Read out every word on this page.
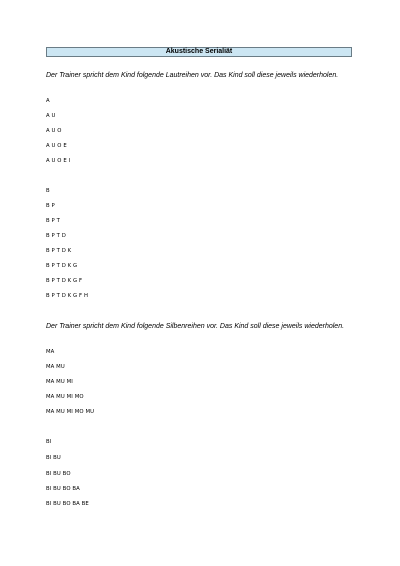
Akustische Serialiät
Der Trainer spricht dem Kind folgende Lautreihen vor. Das Kind soll diese jeweils wiederholen.
A
A U
A U O
A U O E
A U O E I
B
B P
B P T
B P T D
B P T D K
B P T D K G
B P T D K G F
B P T D K G F H
Der Trainer spricht dem Kind folgende Silbenreihen vor. Das Kind soll diese jeweils wiederholen.
MA
MA MU
MA MU MI
MA MU MI MO
MA MU MI MO MU
BI
BI BU
BI BU BO
BI BU BO BA
BI BU BO BA BE
